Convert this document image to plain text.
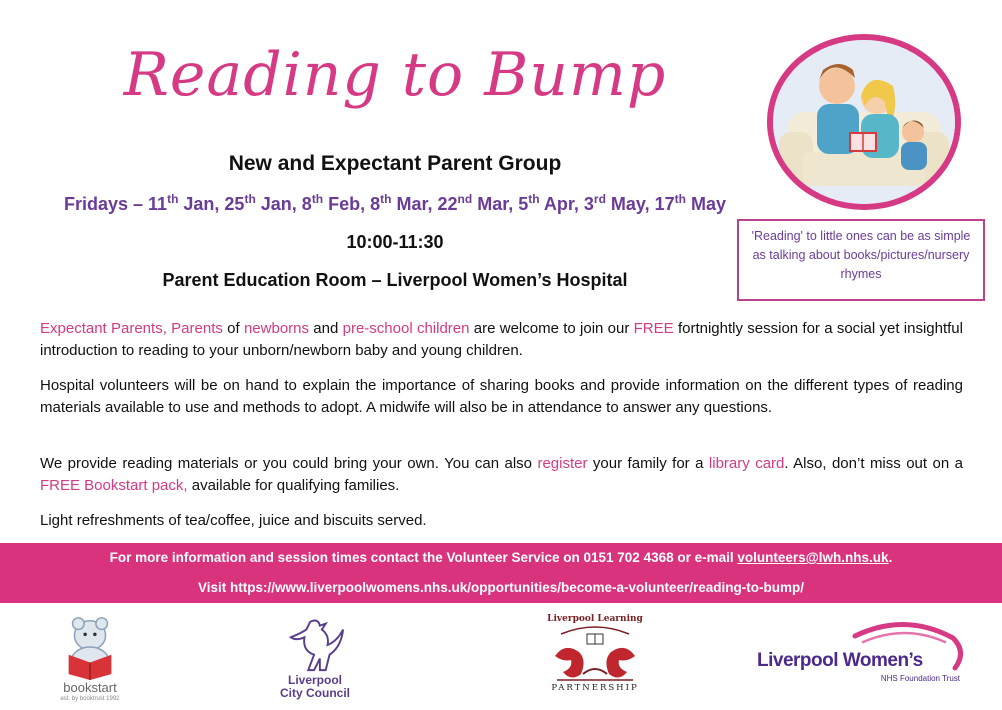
Reading to Bump
New and Expectant Parent Group
Fridays – 11th Jan, 25th Jan, 8th Feb, 8th Mar, 22nd Mar, 5th Apr, 3rd May, 17th May
10:00-11:30
Parent Education Room – Liverpool Women’s Hospital
'Reading' to little ones can be as simple as talking about books/pictures/nursery rhymes
Expectant Parents, Parents of newborns and pre-school children are welcome to join our FREE fortnightly session for a social yet insightful introduction to reading to your unborn/newborn baby and young children.
Hospital volunteers will be on hand to explain the importance of sharing books and provide information on the different types of reading materials available to use and methods to adopt. A midwife will also be in attendance to answer any questions.
We provide reading materials or you could bring your own. You can also register your family for a library card. Also, don’t miss out on a FREE Bookstart pack, available for qualifying families.
Light refreshments of tea/coffee, juice and biscuits served.
For more information and session times contact the Volunteer Service on 0151 702 4368 or e-mail volunteers@lwh.nhs.uk.
Visit https://www.liverpoolwomens.nhs.uk/opportunities/become-a-volunteer/reading-to-bump/
bookstart
est. by booktrust 1992
Liverpool
City Council
Liverpool Learning
PARTNERSHIP
Liverpool Women’s
NHS Foundation Trust
